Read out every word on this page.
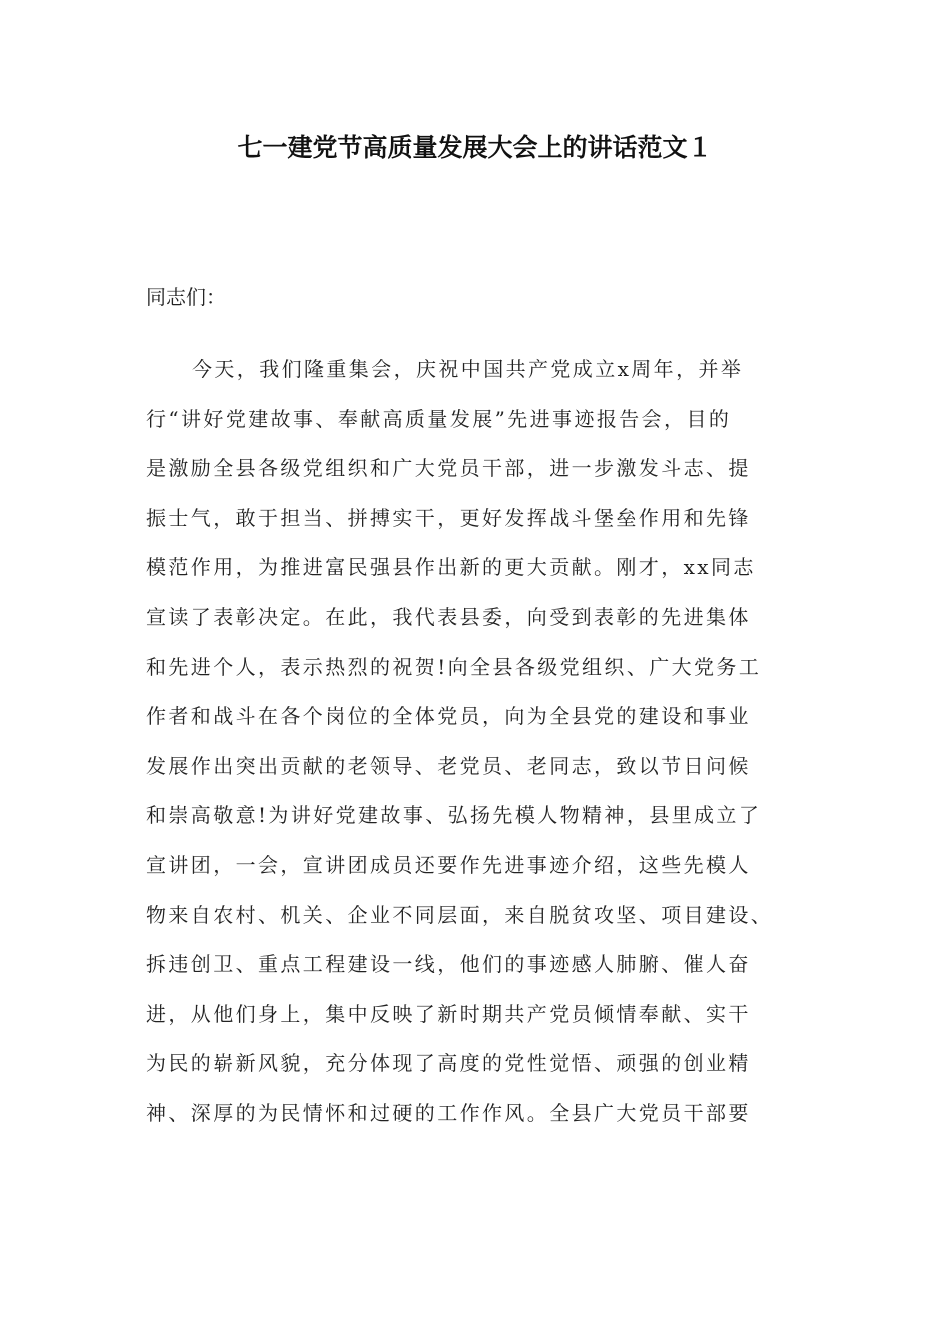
七一建党节高质量发展大会上的讲话范文１

同志们：

今天，我们隆重集会，庆祝中国共产党成立x周年，并举
行“讲好党建故事、奉献高质量发展”先进事迹报告会，目的
是激励全县各级党组织和广大党员干部，进一步激发斗志、提
振士气，敢于担当、拼搏实干，更好发挥战斗堡垒作用和先锋
模范作用，为推进富民强县作出新的更大贡献。刚才，xx同志
宣读了表彰决定。在此，我代表县委，向受到表彰的先进集体
和先进个人，表示热烈的祝贺!向全县各级党组织、广大党务工
作者和战斗在各个岗位的全体党员，向为全县党的建设和事业
发展作出突出贡献的老领导、老党员、老同志，致以节日问候
和崇高敬意!为讲好党建故事、弘扬先模人物精神，县里成立了
宣讲团，一会，宣讲团成员还要作先进事迹介绍，这些先模人
物来自农村、机关、企业不同层面，来自脱贫攻坚、项目建设、
拆违创卫、重点工程建设一线，他们的事迹感人肺腑、催人奋
进，从他们身上，集中反映了新时期共产党员倾情奉献、实干
为民的崭新风貌，充分体现了高度的党性觉悟、顽强的创业精
神、深厚的为民情怀和过硬的工作作风。全县广大党员干部要
